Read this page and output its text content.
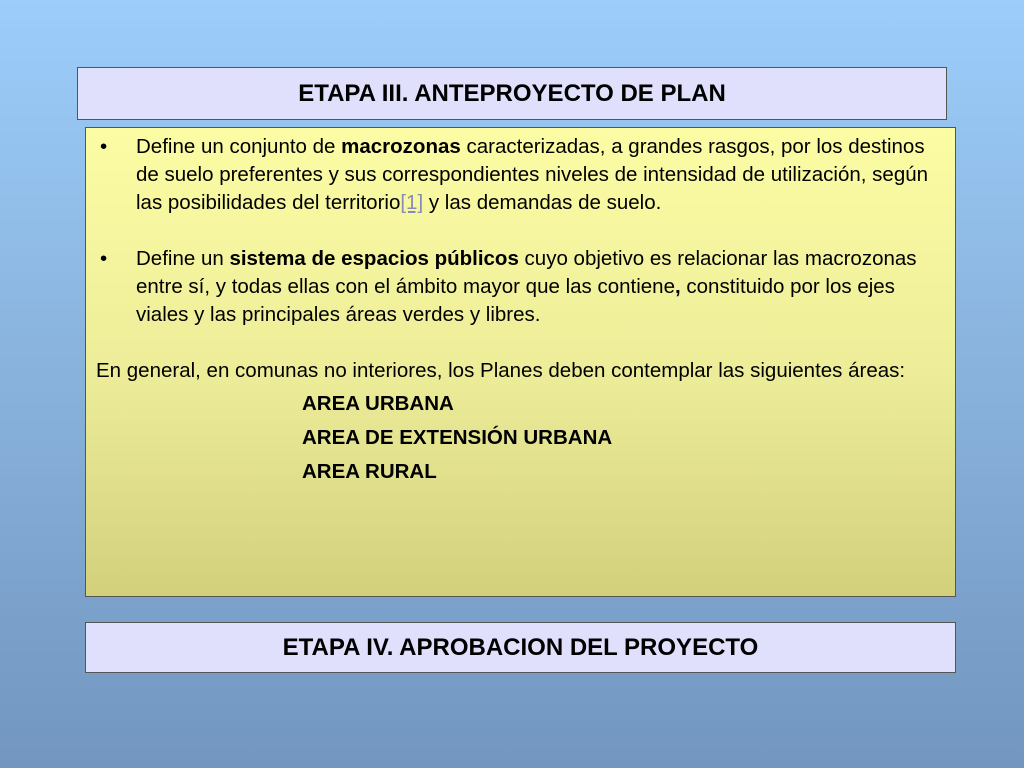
ETAPA III. ANTEPROYECTO DE PLAN

• Define un conjunto de macrozonas caracterizadas, a grandes rasgos, por los destinos de suelo preferentes y sus correspondientes niveles de intensidad de utilización, según las posibilidades del territorio[1] y las demandas de suelo.

• Define un sistema de espacios públicos cuyo objetivo es relacionar las macrozonas entre sí, y todas ellas con el ámbito mayor que las contiene, constituido por los ejes viales y las principales áreas verdes y libres.

En general, en comunas no interiores, los Planes deben contemplar las siguientes áreas:

AREA URBANA
AREA DE EXTENSIÓN URBANA
AREA RURAL
ETAPA IV. APROBACION DEL PROYECTO
